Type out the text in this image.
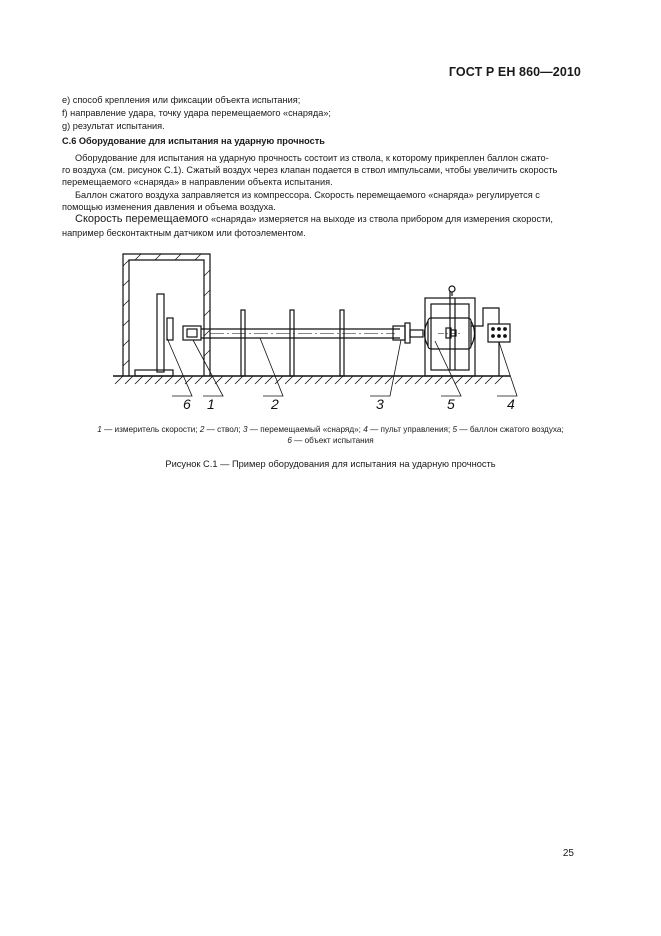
ГОСТ Р ЕН 860—2010
е) способ крепления или фиксации объекта испытания;
f) направление удара, точку удара перемещаемого «снаряда»;
g) результат испытания.
С.6 Оборудование для испытания на ударную прочность
Оборудование для испытания на ударную прочность состоит из ствола, к которому прикреплен баллон сжато-
го воздуха (см. рисунок С.1). Сжатый воздух через клапан подается в ствол импульсами, чтобы увеличить скорость
перемещаемого «снаряда» в направлении объекта испытания.
Баллон сжатого воздуха заправляется из компрессора. Скорость перемещаемого «снаряда» регулируется с
помощью изменения давления и объема воздуха.
Скорость перемещаемого «снаряда» измеряется на выходе из ствола прибором для измерения скорости,
например бесконтактным датчиком или фотоэлементом.
6 1	2	3	5	4
1 — измеритель скорости; 2 — ствол; 3 — перемещаемый «снаряд»; 4 — пульт управления; 5 — баллон сжатого воздуха;
6 — объект испытания
Рисунок С.1 — Пример оборудования для испытания на ударную прочность
25
